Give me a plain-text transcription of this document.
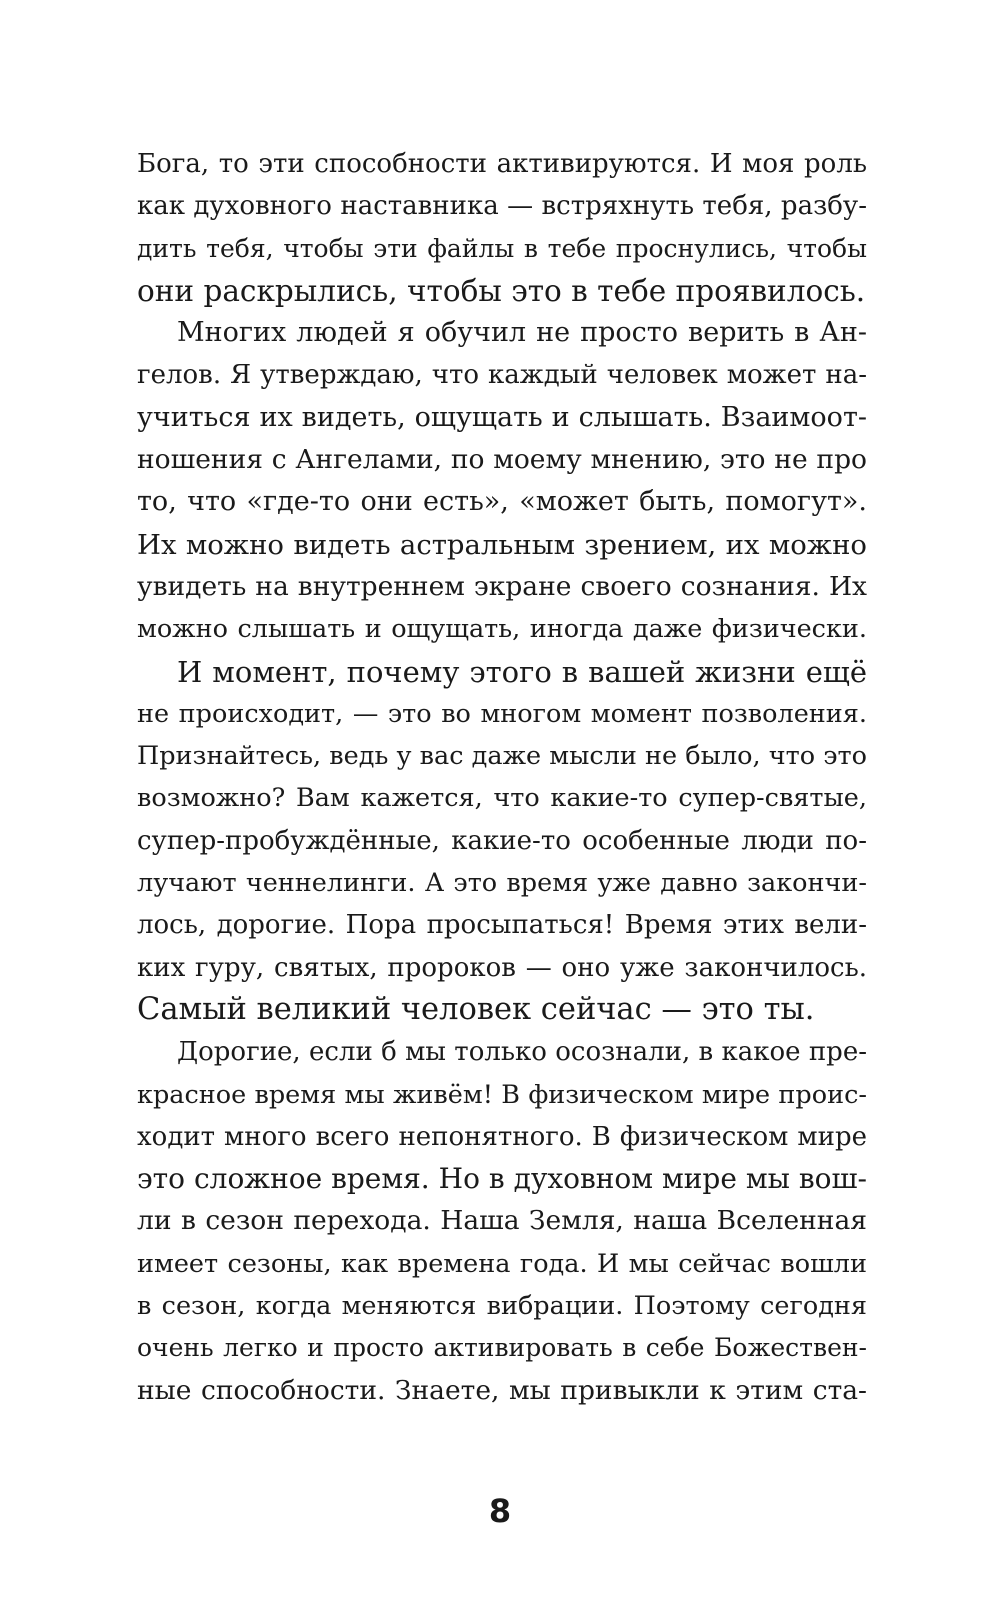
Бога, то эти способности активируются. И моя роль
как духовного наставника — встряхнуть тебя, разбу-
дить тебя, чтобы эти файлы в тебе проснулись, чтобы
они раскрылись, чтобы это в тебе проявилось.
Многих людей я обучил не просто верить в Ан-
гелов. Я утверждаю, что каждый человек может на-
учиться их видеть, ощущать и слышать. Взаимоот-
ношения с Ангелами, по моему мнению, это не про
то, что «где-то они есть», «может быть, помогут».
Их можно видеть астральным зрением, их можно
увидеть на внутреннем экране своего сознания. Их
можно слышать и ощущать, иногда даже физически.
И момент, почему этого в вашей жизни ещё
не происходит, — это во многом момент позволения.
Признайтесь, ведь у вас даже мысли не было, что это
возможно? Вам кажется, что какие-то супер-святые,
супер-пробуждённые, какие-то особенные люди по-
лучают ченнелинги. А это время уже давно закончи-
лось, дорогие. Пора просыпаться! Время этих вели-
ких гуру, святых, пророков — оно уже закончилось.
Самый великий человек сейчас — это ты.
Дорогие, если б мы только осознали, в какое пре-
красное время мы живём! В физическом мире проис-
ходит много всего непонятного. В физическом мире
это сложное время. Но в духовном мире мы вош-
ли в сезон перехода. Наша Земля, наша Вселенная
имеет сезоны, как времена года. И мы сейчас вошли
в сезон, когда меняются вибрации. Поэтому сегодня
очень легко и просто активировать в себе Божествен-
ные способности. Знаете, мы привыкли к этим ста-
8
